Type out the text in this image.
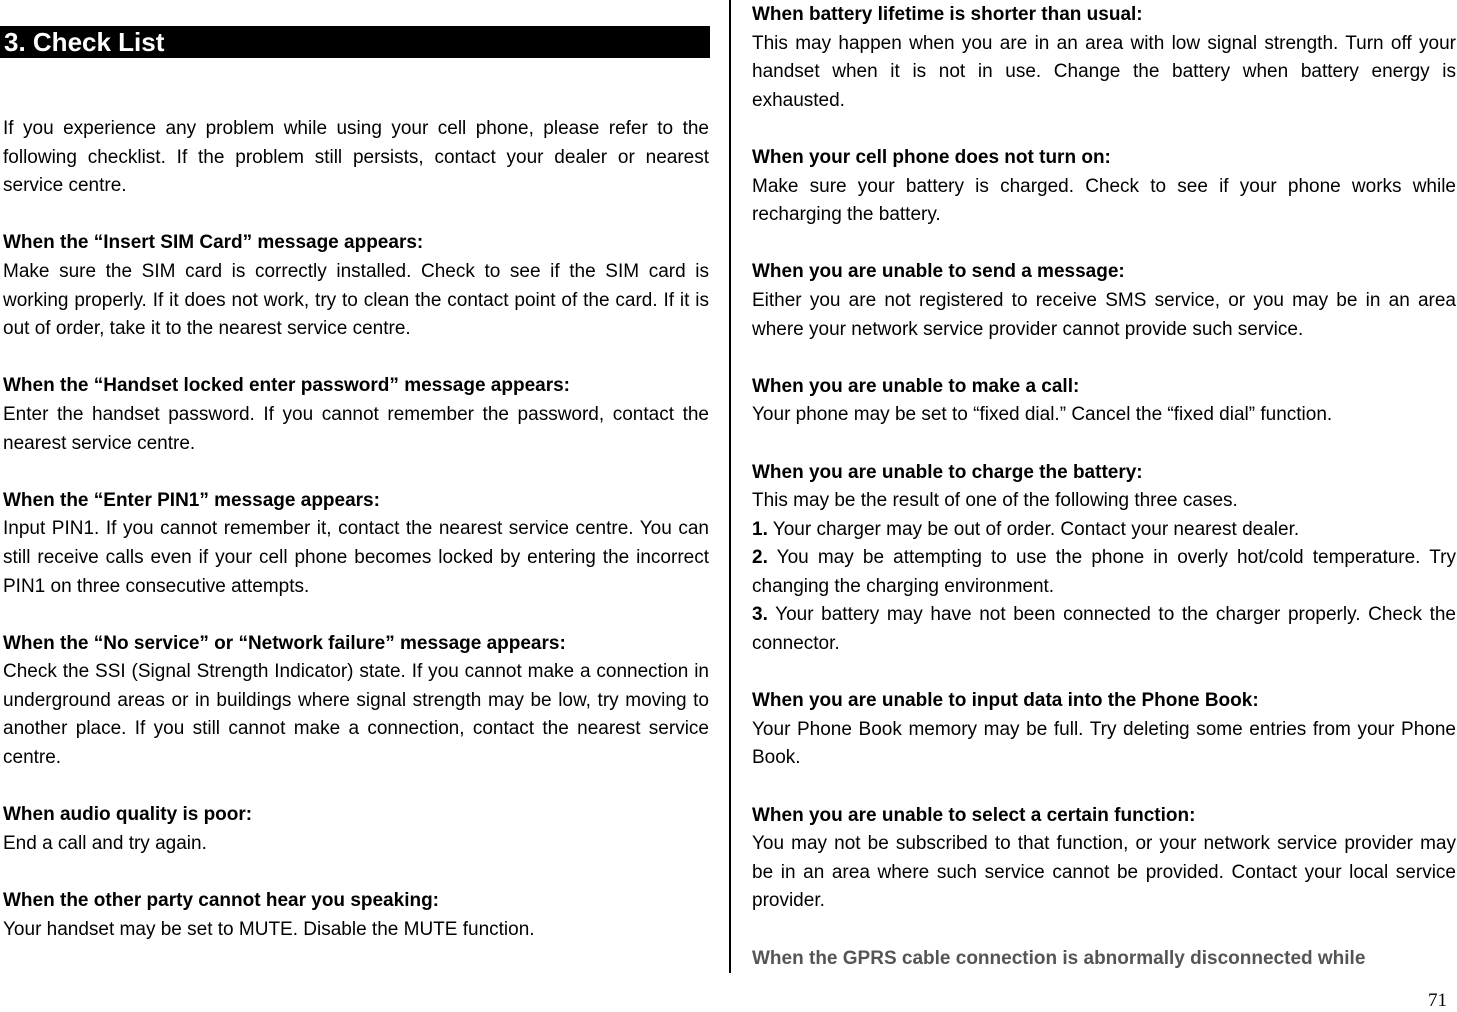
3. Check List

If you experience any problem while using your cell phone, please refer to the following checklist. If the problem still persists, contact your dealer or nearest service centre.

When the “Insert SIM Card” message appears:

Make sure the SIM card is correctly installed. Check to see if the SIM card is working properly. If it does not work, try to clean the contact point of the card. If it is out of order, take it to the nearest service centre.

When the “Handset locked enter password” message appears:

Enter the handset password. If you cannot remember the password, contact the nearest service centre.

When the “Enter PIN1” message appears:

Input PIN1. If you cannot remember it, contact the nearest service centre. You can still receive calls even if your cell phone becomes locked by entering the incorrect PIN1 on three consecutive attempts.

When the “No service” or “Network failure” message appears:

Check the SSI (Signal Strength Indicator) state. If you cannot make a connection in underground areas or in buildings where signal strength may be low, try moving to another place. If you still cannot make a connection, contact the nearest service centre.

When audio quality is poor:

End a call and try again.

When the other party cannot hear you speaking:

Your handset may be set to MUTE. Disable the MUTE function.

When battery lifetime is shorter than usual:

This may happen when you are in an area with low signal strength. Turn off your handset when it is not in use. Change the battery when battery energy is exhausted.

When your cell phone does not turn on:

Make sure your battery is charged. Check to see if your phone works while recharging the battery.

When you are unable to send a message:

Either you are not registered to receive SMS service, or you may be in an area where your network service provider cannot provide such service.

When you are unable to make a call:

Your phone may be set to “fixed dial.” Cancel the “fixed dial” function.

When you are unable to charge the battery:

This may be the result of one of the following three cases.

1. Your charger may be out of order. Contact your nearest dealer.

2. You may be attempting to use the phone in overly hot/cold temperature. Try changing the charging environment.

3. Your battery may have not been connected to the charger properly. Check the connector.

When you are unable to input data into the Phone Book:

Your Phone Book memory may be full. Try deleting some entries from your Phone Book.

When you are unable to select a certain function:

You may not be subscribed to that function, or your network service provider may be in an area where such service cannot be provided. Contact your local service provider.

When the GPRS cable connection is abnormally disconnected while

71
